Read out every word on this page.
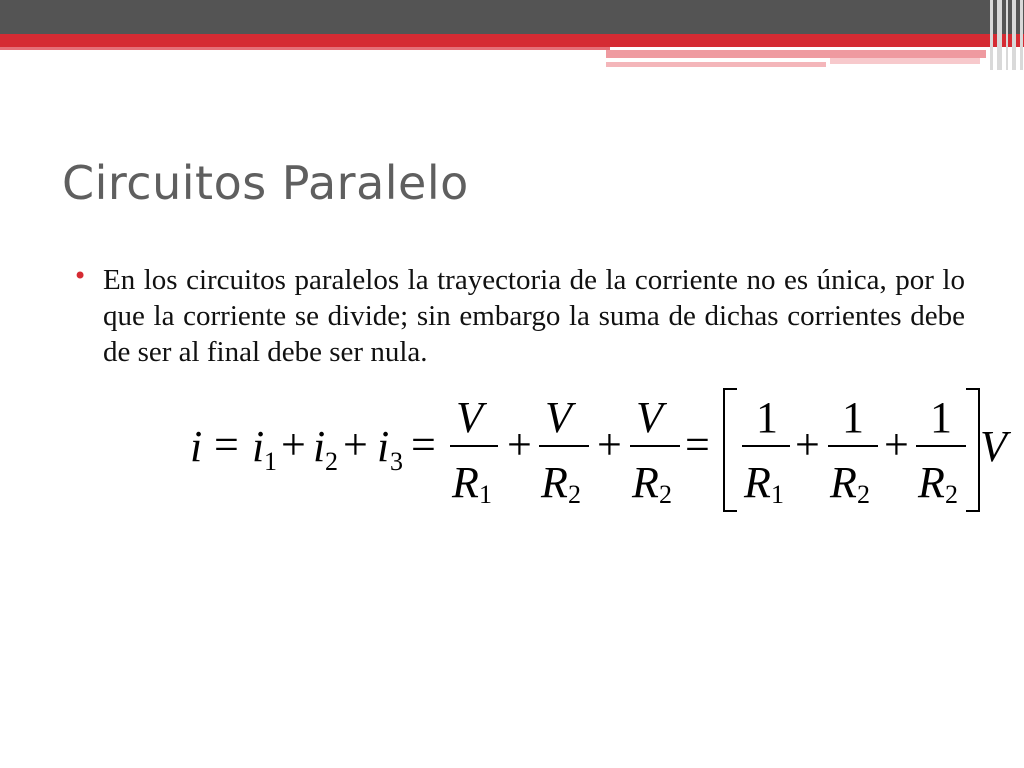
Circuitos Paralelo
• En los circuitos paralelos la trayectoria de la corriente no es única, por lo que la corriente se divide; sin embargo la suma de dichas corrientes debe de ser al final debe ser nula.

i = i 1 + i 2 + i 3 =
V
R 1
+
V
R 2
+
V
R 2
=
1
R 1
+
1
R 2
+
1
R 2
V
